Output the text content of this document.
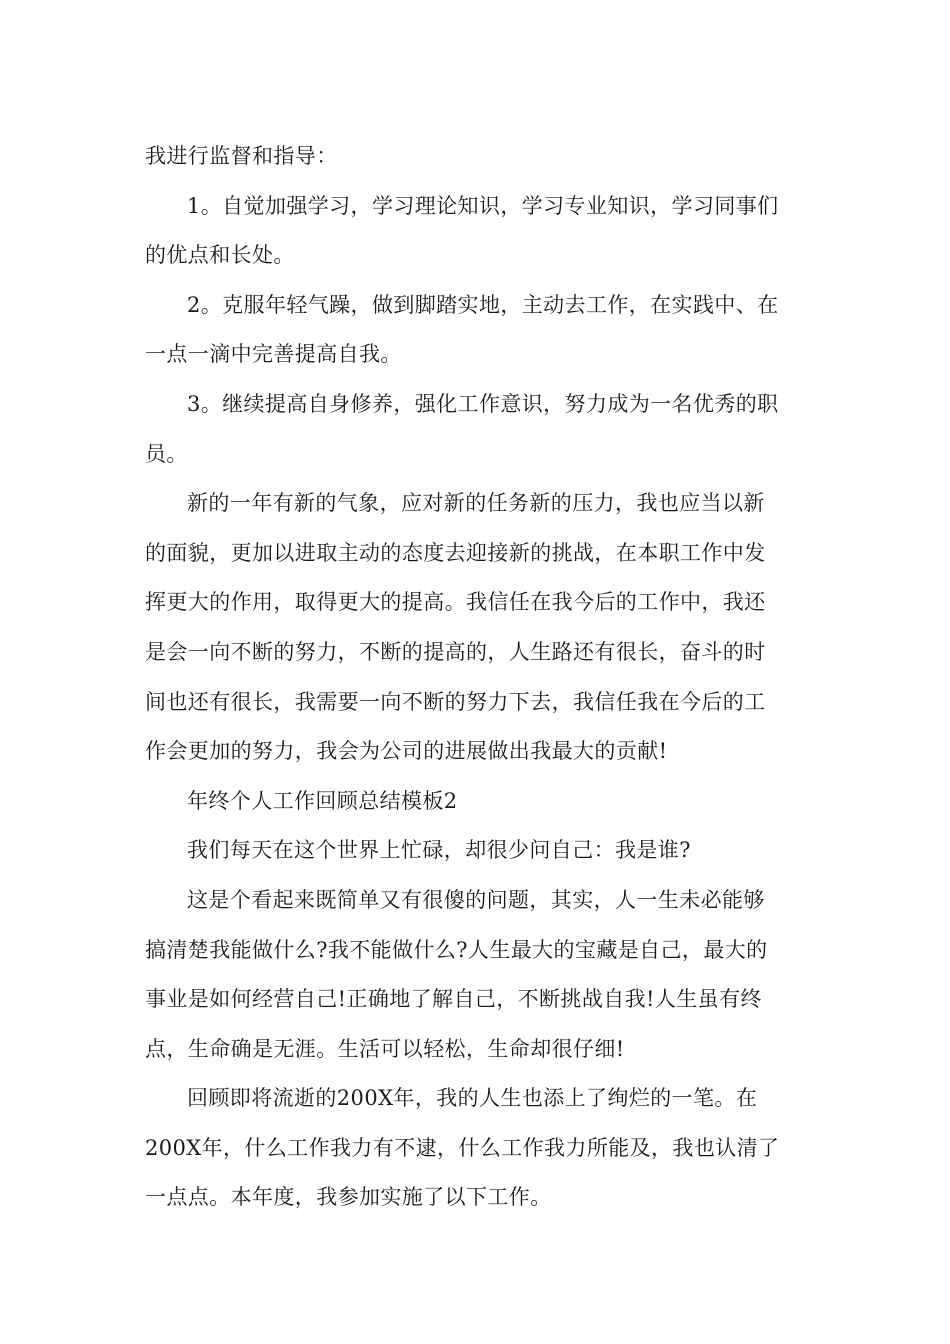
我进行监督和指导：

1。自觉加强学习，学习理论知识，学习专业知识，学习同事们
的优点和长处。

2。克服年轻气躁，做到脚踏实地，主动去工作，在实践中、在
一点一滴中完善提高自我。

3。继续提高自身修养，强化工作意识，努力成为一名优秀的职
员。

新的一年有新的气象，应对新的任务新的压力，我也应当以新
的面貌，更加以进取主动的态度去迎接新的挑战，在本职工作中发
挥更大的作用，取得更大的提高。我信任在我今后的工作中，我还
是会一向不断的努力，不断的提高的，人生路还有很长，奋斗的时
间也还有很长，我需要一向不断的努力下去，我信任我在今后的工
作会更加的努力，我会为公司的进展做出我最大的贡献!

年终个人工作回顾总结模板2

我们每天在这个世界上忙碌，却很少问自己：我是谁?

这是个看起来既简单又有很傻的问题，其实，人一生未必能够
搞清楚我能做什么?我不能做什么?人生最大的宝藏是自己，最大的
事业是如何经营自己!正确地了解自己，不断挑战自我!人生虽有终
点，生命确是无涯。生活可以轻松，生命却很仔细!

回顾即将流逝的200X年，我的人生也添上了绚烂的一笔。在
200X年，什么工作我力有不逮，什么工作我力所能及，我也认清了
一点点。本年度，我参加实施了以下工作。
